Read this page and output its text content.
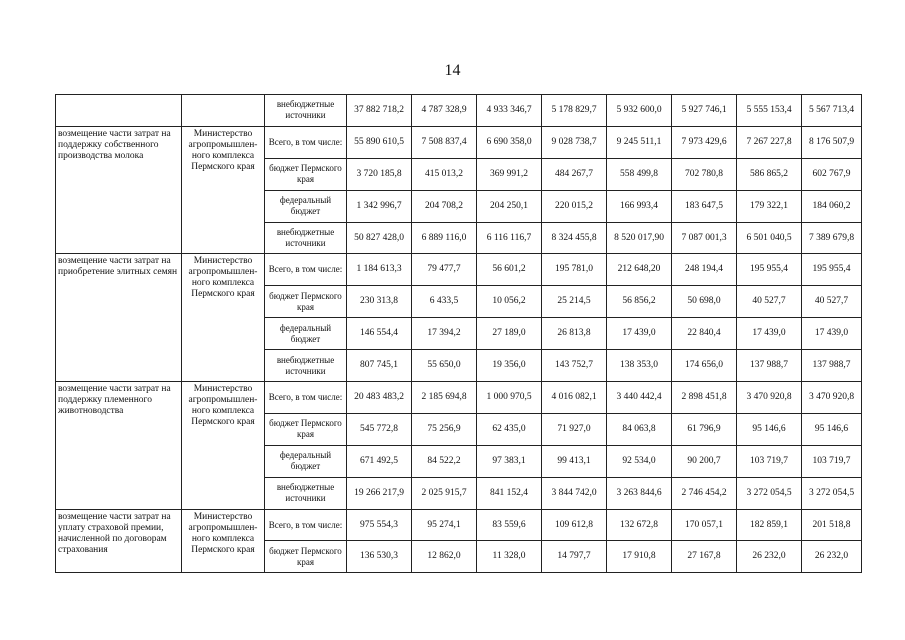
14
		внебюджетные источники	37 882 718,2	4 787 328,9	4 933 346,7	5 178 829,7	5 932 600,0	5 927 746,1	5 555 153,4	5 567 713,4
возмещение части затрат на поддержку собственного производства молока	Министерство агропромышлен-ного комплекса Пермского края	Всего, в том числе:	55 890 610,5	7 508 837,4	6 690 358,0	9 028 738,7	9 245 511,1	7 973 429,6	7 267 227,8	8 176 507,9
		бюджет Пермского края	3 720 185,8	415 013,2	369 991,2	484 267,7	558 499,8	702 780,8	586 865,2	602 767,9
		федеральный бюджет	1 342 996,7	204 708,2	204 250,1	220 015,2	166 993,4	183 647,5	179 322,1	184 060,2
		внебюджетные источники	50 827 428,0	6 889 116,0	6 116 116,7	8 324 455,8	8 520 017,90	7 087 001,3	6 501 040,5	7 389 679,8
возмещение части затрат на приобретение элитных семян	Министерство агропромышлен-ного комплекса Пермского края	Всего, в том числе:	1 184 613,3	79 477,7	56 601,2	195 781,0	212 648,20	248 194,4	195 955,4	195 955,4
		бюджет Пермского края	230 313,8	6 433,5	10 056,2	25 214,5	56 856,2	50 698,0	40 527,7	40 527,7
		федеральный бюджет	146 554,4	17 394,2	27 189,0	26 813,8	17 439,0	22 840,4	17 439,0	17 439,0
		внебюджетные источники	807 745,1	55 650,0	19 356,0	143 752,7	138 353,0	174 656,0	137 988,7	137 988,7
возмещение части затрат на поддержку племенного животноводства	Министерство агропромышлен-ного комплекса Пермского края	Всего, в том числе:	20 483 483,2	2 185 694,8	1 000 970,5	4 016 082,1	3 440 442,4	2 898 451,8	3 470 920,8	3 470 920,8
		бюджет Пермского края	545 772,8	75 256,9	62 435,0	71 927,0	84 063,8	61 796,9	95 146,6	95 146,6
		федеральный бюджет	671 492,5	84 522,2	97 383,1	99 413,1	92 534,0	90 200,7	103 719,7	103 719,7
		внебюджетные источники	19 266 217,9	2 025 915,7	841 152,4	3 844 742,0	3 263 844,6	2 746 454,2	3 272 054,5	3 272 054,5
возмещение части затрат на уплату страховой премии, начисленной по договорам страхования	Министерство агропромышлен-ного комплекса Пермского края	Всего, в том числе:	975 554,3	95 274,1	83 559,6	109 612,8	132 672,8	170 057,1	182 859,1	201 518,8
		бюджет Пермского края	136 530,3	12 862,0	11 328,0	14 797,7	17 910,8	27 167,8	26 232,0	26 232,0
